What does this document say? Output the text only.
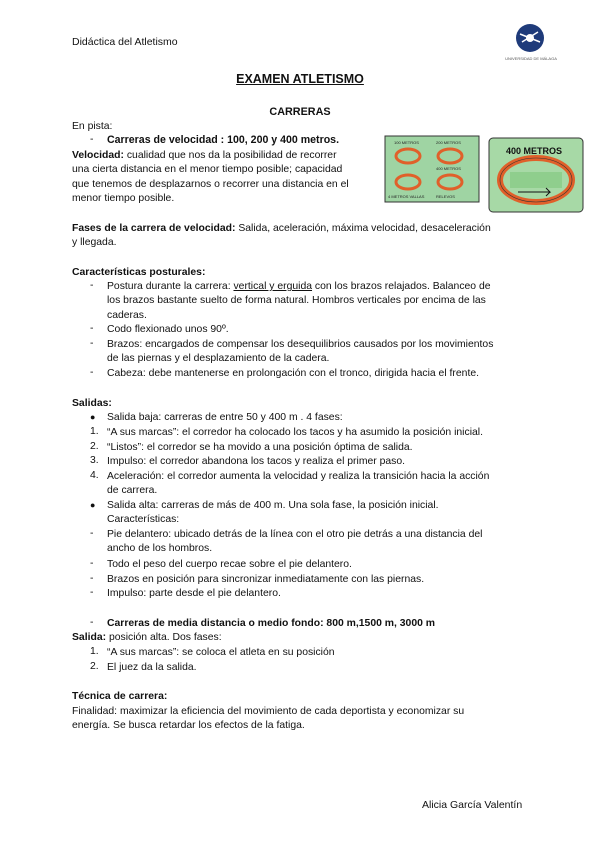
Didáctica del Atletismo
UNIVERSIDAD DE MÁLAGA
EXAMEN ATLETISMO
CARRERAS
En pista:
- Carreras de velocidad : 100, 200 y 400 metros.
Velocidad: cualidad que nos da la posibilidad de recorrer
una cierta distancia en el menor tiempo posible; capacidad
que tenemos de desplazarnos o recorrer una distancia en el
menor tiempo posible.
100 METROS	200 METROS
400 METROS
RELEVOS
4 METROS VALLAS
400 METROS
Fases de la carrera de velocidad: Salida, aceleración, máxima velocidad, desaceleración
y llegada.
Características posturales:
- Postura durante la carrera: vertical y erguida con los brazos relajados. Balanceo de
los brazos bastante suelto de forma natural. Hombros verticales por encima de las
caderas.
- Codo flexionado unos 90º.
- Brazos: encargados de compensar los desequilibrios causados por los movimientos
de las piernas y el desplazamiento de la cadera.
- Cabeza: debe mantenerse en prolongación con el tronco, dirigida hacia el frente.
Salidas:
● Salida baja: carreras de entre 50 y 400 m . 4 fases:
1. “A sus marcas”: el corredor ha colocado los tacos y ha asumido la posición inicial.
2. “Listos”: el corredor se ha movido a una posición óptima de salida.
3. Impulso: el corredor abandona los tacos y realiza el primer paso.
4. Aceleración: el corredor aumenta la velocidad y realiza la transición hacia la acción
de carrera.
● Salida alta: carreras de más de 400 m. Una sola fase, la posición inicial.
Características:
- Pie delantero: ubicado detrás de la línea con el otro pie detrás a una distancia del
ancho de los hombros.
- Todo el peso del cuerpo recae sobre el pie delantero.
- Brazos en posición para sincronizar inmediatamente con las piernas.
- Impulso: parte desde el pie delantero.
- Carreras de media distancia o medio fondo: 800 m,1500 m, 3000 m
Salida: posición alta. Dos fases:
1. “A sus marcas”: se coloca el atleta en su posición
2. El juez da la salida.
Técnica de carrera:
Finalidad: maximizar la eficiencia del movimiento de cada deportista y economizar su
energía. Se busca retardar los efectos de la fatiga.
Alicia García Valentín
